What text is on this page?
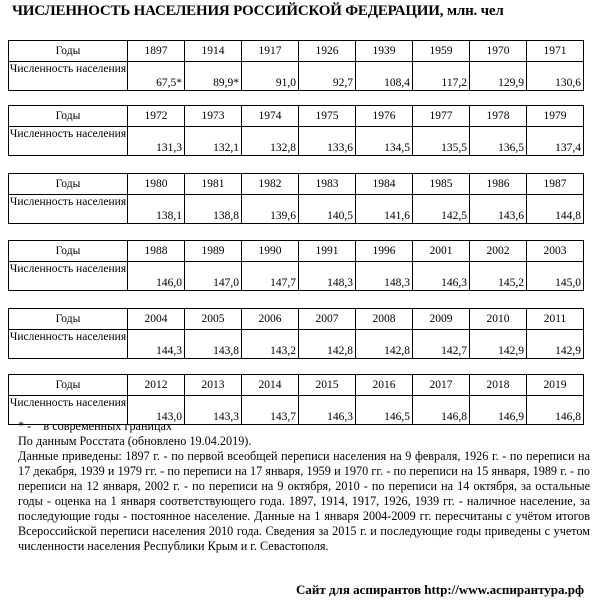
ЧИСЛЕННОСТЬ НАСЕЛЕНИЯ РОССИЙСКОЙ ФЕДЕРАЦИИ, млн. чел
Годы	1897	1914	1917	1926	1939	1959	1970	1971
Численность населения	67,5*	89,9*	91,0	92,7	108,4	117,2	129,9	130,6
Годы	1972	1973	1974	1975	1976	1977	1978	1979
Численность населения	131,3	132,1	132,8	133,6	134,5	135,5	136,5	137,4
Годы	1980	1981	1982	1983	1984	1985	1986	1987
Численность населения	138,1	138,8	139,6	140,5	141,6	142,5	143,6	144,8
Годы	1988	1989	1990	1991	1996	2001	2002	2003
Численность населения	146,0	147,0	147,7	148,3	148,3	146,3	145,2	145,0
Годы	2004	2005	2006	2007	2008	2009	2010	2011
Численность населения	144,3	143,8	143,2	142,8	142,8	142,7	142,9	142,9
Годы	2012	2013	2014	2015	2016	2017	2018	2019
Численность населения	143,0	143,3	143,7	146,3	146,5	146,8	146,9	146,8

* -    в современных границах

По данным Росстата (обновлено 19.04.2019).

Данные приведены: 1897 г. - по первой всеобщей переписи населения на 9 февраля, 1926 г. - по переписи на 17 декабря, 1939 и 1979 гг. - по переписи на 17 января, 1959 и 1970 гг. - по переписи на 15 января, 1989 г. - по переписи на 12 января, 2002 г. - по переписи на 9 октября, 2010 - по переписи на 14 октября, за остальные годы - оценка на 1 января соответствующего года. 1897, 1914, 1917, 1926, 1939 гг. - наличное население, за последующие годы - постоянное население. Данные на 1 января 2004-2009 гг. пересчитаны с учётом итогов Всероссийской переписи населения 2010 года. Сведения за 2015 г. и последующие годы приведены с учетом численности населения Республики Крым и г. Севастополя.

Сайт для аспирантов http://www.аспирантура.рф
